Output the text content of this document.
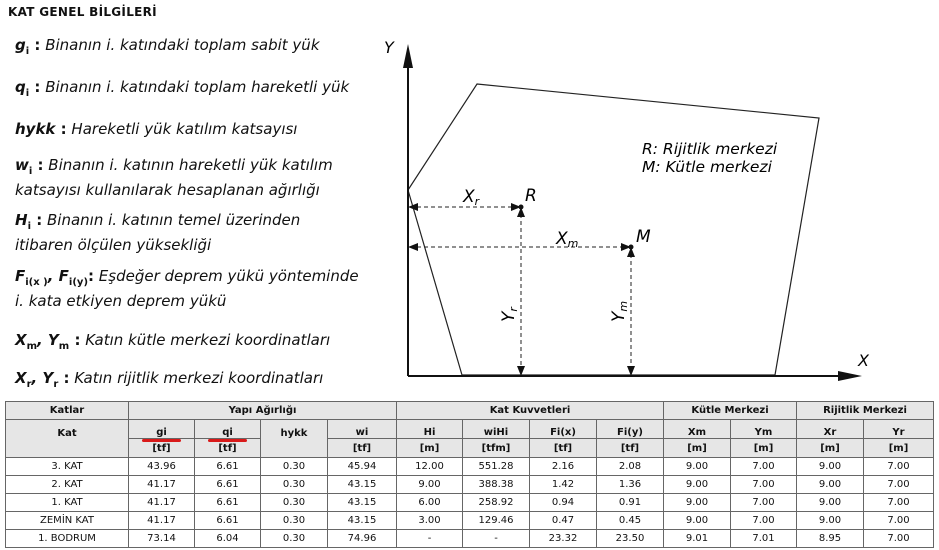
KAT GENEL BİLGİLERİ
$g_i$ : Binanın i. katındaki toplam sabit yük
$q_i$ : Binanın i. katındaki toplam hareketli yük
hykk : Hareketli yük katılım katsayısı
$w_i$ : Binanın i. katının hareketli yük katılım
katsayısı kullanılarak hesaplanan ağırlığı
$H_i$ : Binanın i. katının temel üzerinden
itibaren ölçülen yüksekliği
$F_{i(x )}$, $F_{i(y)}$: Eşdeğer deprem yükü yönteminde
i. kata etkiyen deprem yükü
$X_m$, $Y_m$ : Katın kütle merkezi koordinatları
$X_r$, $Y_r$ : Katın rijitlik merkezi koordinatları
Y
X
R
M
Xr
Xm
Yr
Ym
R: Rijitlik merkezi
M: Kütle merkezi
Katlar	Yapı Ağırlığı				Kat Kuvvetleri				Kütle Merkezi		Rijitlik Merkezi	
Kat	gi	qi	hykk	wi	Hi	wiHi	Fi(x)	Fi(y)	Xm	Ym	Xr	Yr
	[tf]	[tf]		[tf]	[m]	[tfm]	[tf]	[tf]	[m]	[m]	[m]	[m]
3. KAT	43.96	6.61	0.30	45.94	12.00	551.28	2.16	2.08	9.00	7.00	9.00	7.00
2. KAT	41.17	6.61	0.30	43.15	9.00	388.38	1.42	1.36	9.00	7.00	9.00	7.00
1. KAT	41.17	6.61	0.30	43.15	6.00	258.92	0.94	0.91	9.00	7.00	9.00	7.00
ZEMİN KAT	41.17	6.61	0.30	43.15	3.00	129.46	0.47	0.45	9.00	7.00	9.00	7.00
1. BODRUM	73.14	6.04	0.30	74.96	-	-	23.32	23.50	9.01	7.01	8.95	7.00
